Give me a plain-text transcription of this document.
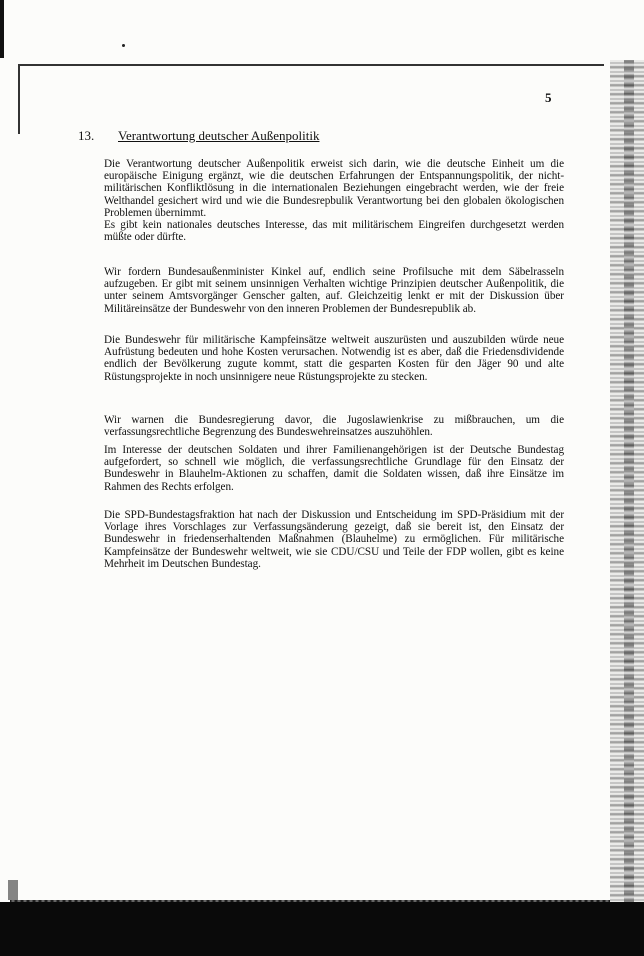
5
13. Verantwortung deutscher Außenpolitik

Die Verantwortung deutscher Außenpolitik erweist sich darin, wie die deutsche Einheit um die europäische Einigung ergänzt, wie die deutschen Erfahrungen der Entspannungspolitik, der nicht-militärischen Konfliktlösung in die internationalen Beziehungen eingebracht werden, wie der freie Welthandel gesichert wird und wie die Bundesrepbulik Verantwortung bei den globalen ökologischen Problemen übernimmt.

Es gibt kein nationales deutsches Interesse, das mit militärischem Eingreifen durchgesetzt werden müßte oder dürfte.

Wir fordern Bundesaußenminister Kinkel auf, endlich seine Profilsuche mit dem Säbelrasseln aufzugeben. Er gibt mit seinem unsinnigen Verhalten wichtige Prinzipien deutscher Außenpolitik, die unter seinem Amtsvorgänger Genscher galten, auf. Gleichzeitig lenkt er mit der Diskussion über Militäreinsätze der Bundeswehr von den inneren Problemen der Bundesrepublik ab.

Die Bundeswehr für militärische Kampfeinsätze weltweit auszurüsten und auszubilden würde neue Aufrüstung bedeuten und hohe Kosten verursachen. Notwendig ist es aber, daß die Friedensdividende endlich der Bevölkerung zugute kommt, statt die gesparten Kosten für den Jäger 90 und alte Rüstungsprojekte in noch unsinnigere neue Rüstungsprojekte zu stecken.

Wir warnen die Bundesregierung davor, die Jugoslawienkrise zu mißbrauchen, um die verfassungsrechtliche Begrenzung des Bundeswehreinsatzes auszuhöhlen.

Im Interesse der deutschen Soldaten und ihrer Familienangehörigen ist der Deutsche Bundestag aufgefordert, so schnell wie möglich, die verfassungsrechtliche Grundlage für den Einsatz der Bundeswehr in Blauhelm-Aktionen zu schaffen, damit die Soldaten wissen, daß ihre Einsätze im Rahmen des Rechts erfolgen.

Die SPD-Bundestagsfraktion hat nach der Diskussion und Entscheidung im SPD-Präsidium mit der Vorlage ihres Vorschlages zur Verfassungsänderung gezeigt, daß sie bereit ist, den Einsatz der Bundeswehr in friedenserhaltenden Maßnahmen (Blauhelme) zu ermöglichen. Für militärische Kampfeinsätze der Bundeswehr weltweit, wie sie CDU/CSU und Teile der FDP wollen, gibt es keine Mehrheit im Deutschen Bundestag.
